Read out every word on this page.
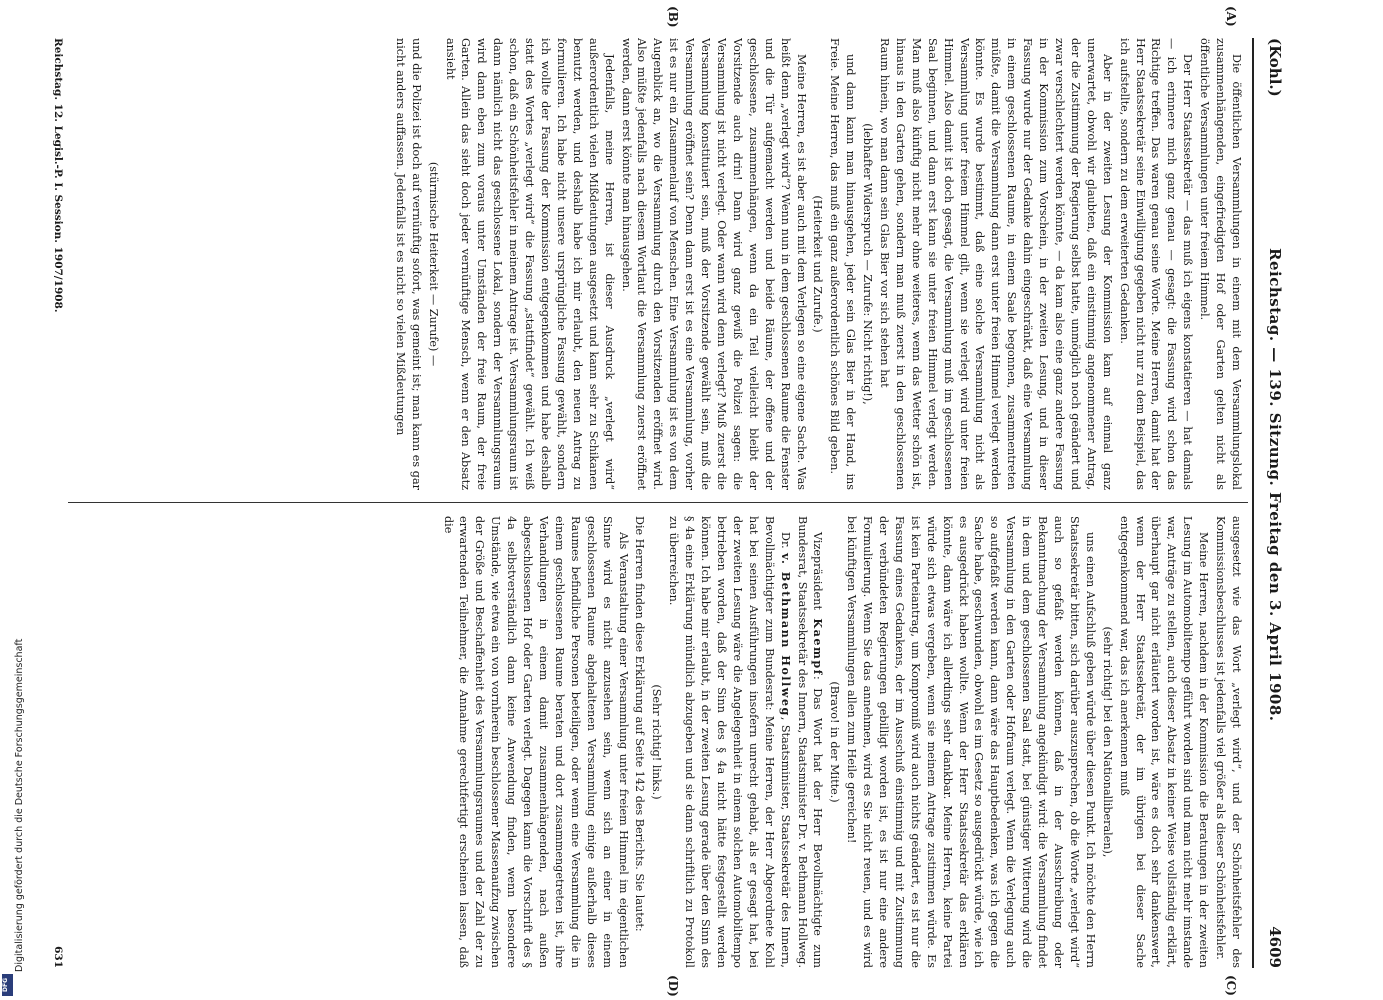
(Kohl.)
Reichstag. — 139. Sitzung. Freitag den 3. April 1908.
4609
(A)
(B)
(C)
(D)

Die öffentlichen Versammlungen in einem mit dem Versammlungslokal zusammenhängenden, eingefriedigten Hof oder Garten gelten nicht als öffentliche Versammlungen unter freiem Himmel.

Der Herr Staatssekretär — das muß ich eigens konstatieren — hat damals — ich erinnere mich ganz genau — gesagt: die Fassung wird schon das Richtige treffen. Das waren genau seine Worte. Meine Herren, damit hat der Herr Staatssekretär seine Einwilligung gegeben nicht nur zu dem Beispiel, das ich aufstellte, sondern zu dem erweiterten Gedanken.

Aber in der zweiten Lesung der Kommission kam auf einmal ganz unerwartet, obwohl wir glaubten, daß ein einstimmig angenommener Antrag, der die Zustimmung der Regierung selbst hatte, unmöglich noch geändert und zwar verschlechtert werden könnte, — da kam also eine ganz andere Fassung in der Kommission zum Vorschein, in der zweiten Lesung, und in dieser Fassung wurde nur der Gedanke dahin eingeschränkt, daß eine Versammlung in einem geschlossenen Raume, in einem Saale begonnen, zusammentreten müßte, damit die Versammlung dann erst unter freien Himmel verlegt werden könnte. Es wurde bestimmt, daß eine solche Versammlung nicht als Versammlung unter freiem Himmel gilt, wenn sie verlegt wird unter freien Himmel. Also damit ist doch gesagt, die Versammlung muß im geschlossenen Saal beginnen, und dann erst kann sie unter freien Himmel verlegt werden. Man muß also künftig nicht mehr ohne weiteres, wenn das Wetter schön ist, hinaus in den Garten gehen, sondern man muß zuerst in den geschlossenen Raum hinein, wo man dann sein Glas Bier vor sich stehen hat

(lebhafter Widerspruch — Zurufe: Nicht richtig!),

und dann kann man hinausgehen, jeder sein Glas Bier in der Hand, ins Freie. Meine Herren, das muß ein ganz außerordentlich schönes Bild geben.

(Heiterkeit und Zurufe.)

Meine Herren, es ist aber auch mit dem Verlegen so eine eigene Sache. Was heißt denn „verlegt wird“? Wenn nun in dem geschlossenen Raume die Fenster und die Tür aufgemacht werden und beide Räume, der offene und der geschlossene, zusammenhängen, wenn da ein Teil vielleicht bleibt der Vorsitzende auch drin! Dann wird ganz gewiß die Polizei sagen: die Versammlung ist nicht verlegt. Oder wann wird denn verlegt? Muß zuerst die Versammlung konstituiert sein, muß der Vorsitzende gewählt sein, muß die Versammlung eröffnet sein? Denn dann erst ist es eine Versammlung, vorher ist es nur ein Zusammenlauf von Menschen. Eine Versammlung ist es von dem Augenblick an, wo die Versammlung durch den Vorsitzenden eröffnet wird. Also müßte jedenfalls nach diesem Wortlaut die Versammlung zuerst eröffnet werden, dann erst könnte man hinausgehen.

Jedenfalls, meine Herren, ist dieser Ausdruck „verlegt wird“ außerordentlich vielen Mißdeutungen ausgesetzt und kann sehr zu Schikanen benutzt werden, und deshalb habe ich mir erlaubt, den neuen Antrag zu formulieren. Ich habe nicht unsere ursprüngliche Fassung gewählt, sondern ich wollte der Fassung der Kommission entgegenkommen und habe deshalb statt des Wortes „verlegt wird“ die Fassung „stattfindet“ gewählt. Ich weiß schon, daß ein Schönheitsfehler in meinem Antrage ist. Versammlungsraum ist dann nämlich nicht das geschlossene Lokal, sondern der Versammlungsraum wird dann eben zum voraus unter Umständen der freie Raum, der freie Garten. Allein das sieht doch jeder vernünftige Mensch, wenn er den Absatz ansieht

(stürmische Heiterkeit — Zurufe) —

und die Polizei ist doch auf vernünftig sofort, was gemeint ist; man kann es gar nicht anders auffassen. Jedenfalls ist es nicht so vielen Mißdeutungen

ausgesetzt wie das Wort „verlegt wird“, und der Schönheitsfehler des Kommissionsbeschlusses ist jedenfalls viel größer als dieser Schönheitsfehler.

Meine Herren, nachdem in der Kommission die Beratungen in der zweiten Lesung im Automobiltempo geführt worden sind und man nicht mehr imstande war, Anträge zu stellen, auch dieser Absatz in keiner Weise vollständig erklärt, überhaupt gar nicht erläutert worden ist, wäre es doch sehr dankenswert, wenn der Herr Staatssekretär, der im übrigen bei dieser Sache entgegenkommend war, das ich anerkennen muß

(sehr richtig! bei den Nationalliberalen),

uns einen Aufschluß geben würde über diesen Punkt. Ich möchte den Herrn Staatssekretär bitten, sich darüber auszusprechen, ob die Worte „verlegt wird“ auch so gefaßt werden können, daß in der Ausschreibung oder Bekanntmachung der Versammlung angekündigt wird: die Versammlung findet in dem und dem geschlossenen Saal statt, bei günstiger Witterung wird die Versammlung in den Garten oder Hofraum verlegt. Wenn die Verlegung auch so aufgefaßt werden kann, dann wäre das Hauptbedenken, was ich gegen die Sache habe, geschwunden, obwohl es im Gesetz so ausgedrückt würde, wie ich es ausgedrückt haben wollte. Wenn der Herr Staatssekretär das erklären könnte, dann wäre ich allerdings sehr dankbar. Meine Herren, keine Partei würde sich etwas vergeben, wenn sie meinem Antrage zustimmen würde. Es ist kein Parteiantrag, um Kompromiß wird auch nichts geändert, es ist nur die Fassung eines Gedankens, der im Ausschuß einstimmig und mit Zustimmung der verbündeten Regierungen gebilligt worden ist, es ist nur eine andere Formulierung. Wenn Sie das annehmen, wird es Sie nicht reuen, und es wird bei künftigen Versammlungen allen zum Heile gereichen!

(Bravo! in der Mitte.)

Vizepräsident Kaempf: Das Wort hat der Herr Bevollmächtigte zum Bundesrat, Staatssekretär des Innern, Staatsminister Dr. v. Bethmann Hollweg.

Dr. v. Bethmann Hollweg, Staatsminister, Staatssekretär des Innern, Bevollmächtigter zum Bundesrat: Meine Herren, der Herr Abgeordnete Kohl hat bei seinen Ausführungen insofern unrecht gehabt, als er gesagt hat, bei der zweiten Lesung wäre die Angelegenheit in einem solchen Automobiltempo betrieben worden, daß der Sinn des § 4a nicht hätte festgestellt werden können. Ich habe mir erlaubt, in der zweiten Lesung gerade über den Sinn des § 4a eine Erklärung mündlich abzugeben und sie dann schriftlich zu Protokoll zu überreichen.

(Sehr richtig! links.)

Die Herren finden diese Erklärung auf Seite 142 des Berichts. Sie lautet:

Als Veranstaltung einer Versammlung unter freiem Himmel im eigentlichen Sinne wird es nicht anzusehen sein, wenn sich an einer in einem geschlossenen Raume abgehaltenen Versammlung einige außerhalb dieses Raumes befindliche Personen beteiligen, oder wenn eine Versammlung die in einem geschlossenen Raume beraten und dort zusammengetreten ist, ihre Verhandlungen in einem damit zusammenhängenden, nach außen abgeschlossenen Hof oder Garten verlegt. Dagegen kann die Vorschrift des § 4a selbstverständlich dann keine Anwendung finden, wenn besondere Umstände, wie etwa ein von vornherein beschlossener Massenaufzug zwischen der Größe und Beschaffenheit des Versammlungsraumes und der Zahl der zu erwartenden Teilnehmer, die Annahme gerechtfertigt erscheinen lassen, daß die

Reichstag. 12. Legisl.-P. I. Session. 1907/1908.
631
DFG
Digitalisierung gefördert durch die Deutsche Forschungsgemeinschaft
